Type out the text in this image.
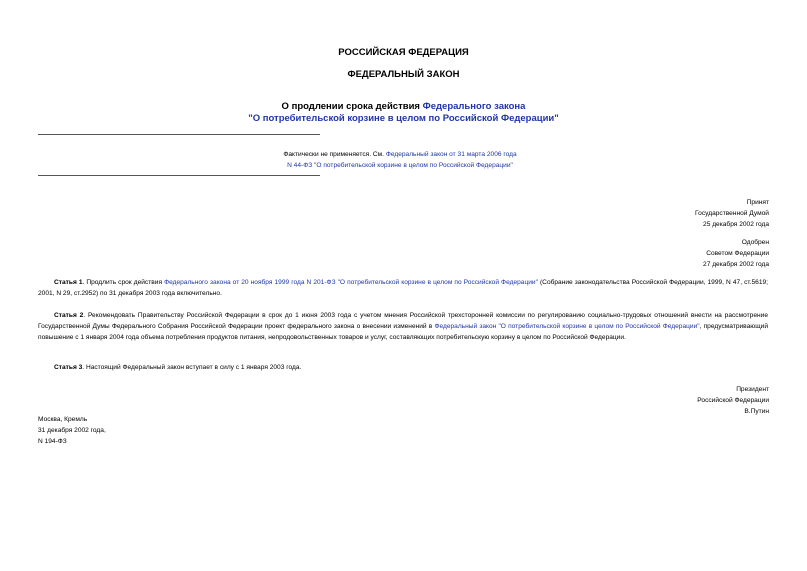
РОССИЙСКАЯ ФЕДЕРАЦИЯ
ФЕДЕРАЛЬНЫЙ ЗАКОН
О продлении срока действия Федерального закона
"О потребительской корзине в целом по Российской Федерации"
Фактически не применяется. См. Федеральный закон от 31 марта 2006 года
N 44-ФЗ "О потребительской корзине в целом по Российской Федерации"
Принят
Государственной Думой
25 декабря 2002 года
Одобрен
Советом Федерации
27 декабря 2002 года
Статья 1. Продлить срок действия Федерального закона от 20 ноября 1999 года N 201-ФЗ "О потребительской корзине в целом по Российской Федерации" (Собрание законодательства Российской Федерации, 1999, N 47, ст.5619; 2001, N 29, ст.2952) по 31 декабря 2003 года включительно.
Статья 2. Рекомендовать Правительству Российской Федерации в срок до 1 июня 2003 года с учетом мнения Российской трехсторонней комиссии по регулированию социально-трудовых отношений внести на рассмотрение Государственной Думы Федерального Собрания Российской Федерации проект федерального закона о внесении изменений в Федеральный закон "О потребительской корзине в целом по Российской Федерации", предусматривающий повышение с 1 января 2004 года объема потребления продуктов питания, непродовольственных товаров и услуг, составляющих потребительскую корзину в целом по Российской Федерации.
Статья 3. Настоящий Федеральный закон вступает в силу с 1 января 2003 года.
Президент
Российской Федерации
В.Путин
Москва, Кремль
31 декабря 2002 года,
N 194-ФЗ
